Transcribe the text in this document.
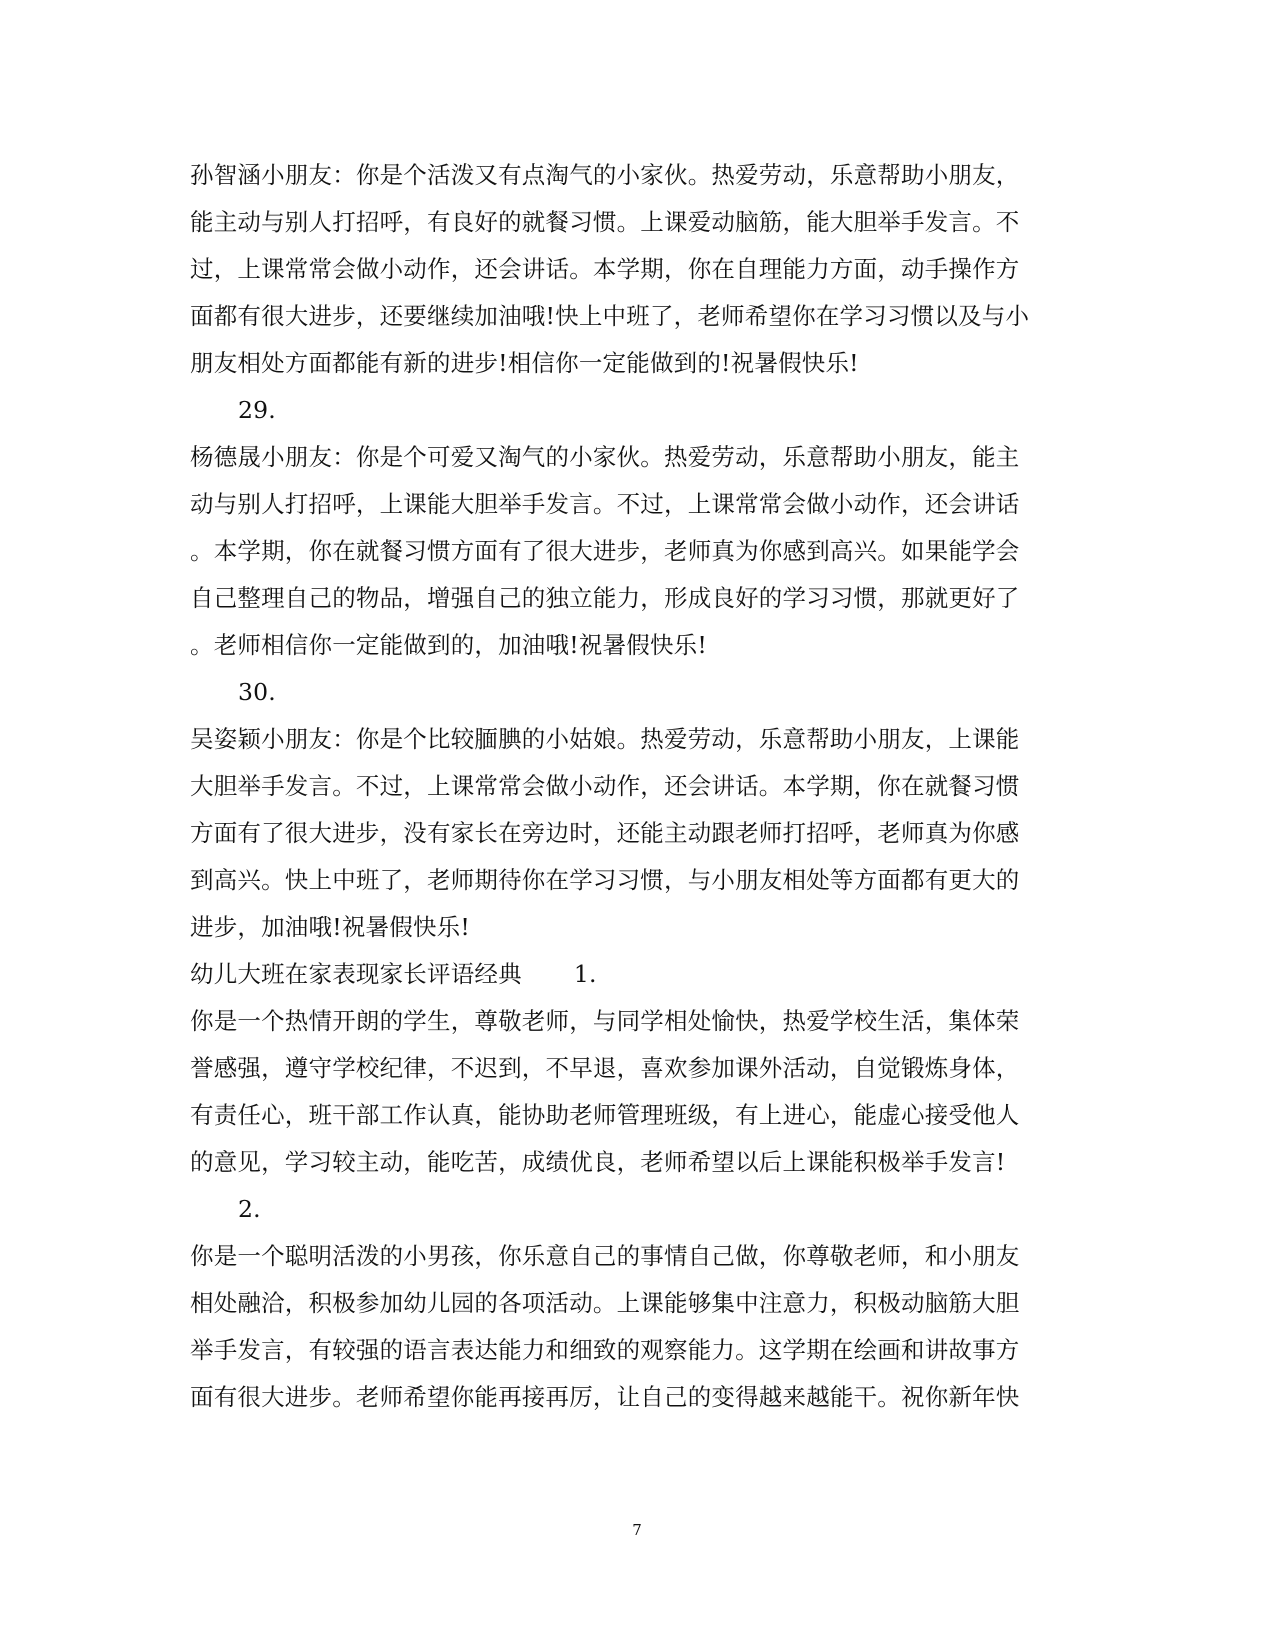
孙智涵小朋友：你是个活泼又有点淘气的小家伙。热爱劳动，乐意帮助小朋友，
能主动与别人打招呼，有良好的就餐习惯。上课爱动脑筋，能大胆举手发言。不
过，上课常常会做小动作，还会讲话。本学期，你在自理能力方面，动手操作方
面都有很大进步，还要继续加油哦!快上中班了，老师希望你在学习习惯以及与小
朋友相处方面都能有新的进步!相信你一定能做到的!祝暑假快乐!
29.
杨德晟小朋友：你是个可爱又淘气的小家伙。热爱劳动，乐意帮助小朋友，能主
动与别人打招呼，上课能大胆举手发言。不过，上课常常会做小动作，还会讲话
。本学期，你在就餐习惯方面有了很大进步，老师真为你感到高兴。如果能学会
自己整理自己的物品，增强自己的独立能力，形成良好的学习习惯，那就更好了
。老师相信你一定能做到的，加油哦!祝暑假快乐!
30.
吴姿颖小朋友：你是个比较腼腆的小姑娘。热爱劳动，乐意帮助小朋友，上课能
大胆举手发言。不过，上课常常会做小动作，还会讲话。本学期，你在就餐习惯
方面有了很大进步，没有家长在旁边时，还能主动跟老师打招呼，老师真为你感
到高兴。快上中班了，老师期待你在学习习惯，与小朋友相处等方面都有更大的
进步，加油哦!祝暑假快乐!
幼儿大班在家表现家长评语经典 1.
你是一个热情开朗的学生，尊敬老师，与同学相处愉快，热爱学校生活，集体荣
誉感强，遵守学校纪律，不迟到，不早退，喜欢参加课外活动，自觉锻炼身体，
有责任心，班干部工作认真，能协助老师管理班级，有上进心，能虚心接受他人
的意见，学习较主动，能吃苦，成绩优良，老师希望以后上课能积极举手发言!
2.
你是一个聪明活泼的小男孩，你乐意自己的事情自己做，你尊敬老师，和小朋友
相处融洽，积极参加幼儿园的各项活动。上课能够集中注意力，积极动脑筋大胆
举手发言，有较强的语言表达能力和细致的观察能力。这学期在绘画和讲故事方
面有很大进步。老师希望你能再接再厉，让自己的变得越来越能干。祝你新年快
7
